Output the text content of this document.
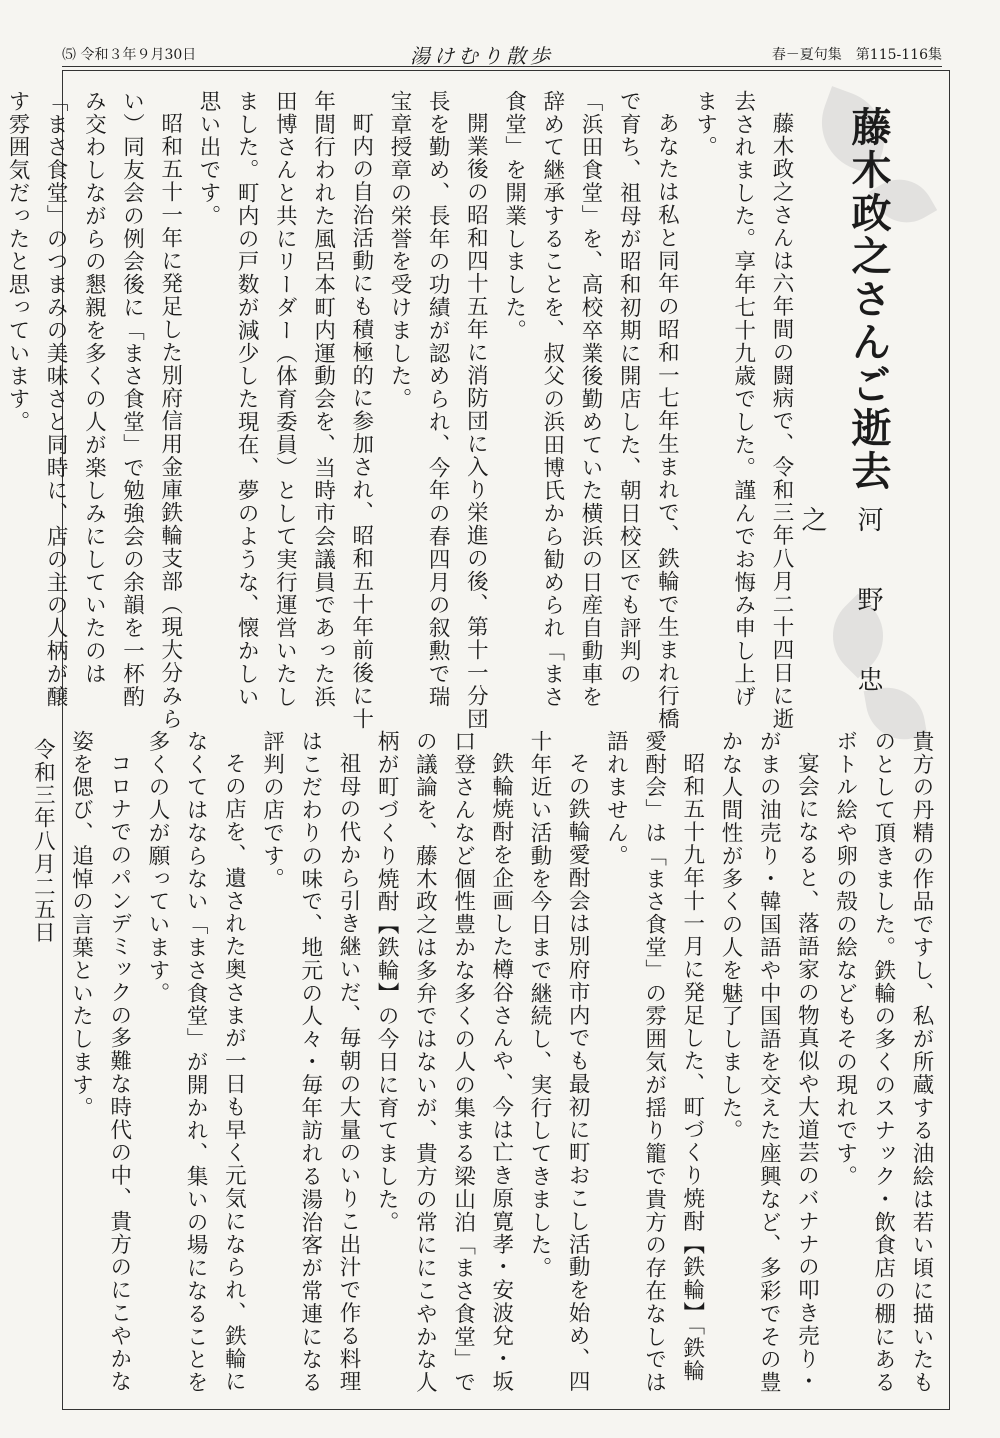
⑸ 令和３年９月30日	湯けむり散歩	春－夏句集　第115-116集
藤木政之さんご逝去
河　野　忠　之

藤木政之さんは六年間の闘病で、令和三年八月二十四日に逝去されました。享年七十九歳でした。謹んでお悔み申し上げます。

あなたは私と同年の昭和一七年生まれで、鉄輪で生まれ行橋で育ち、祖母が昭和初期に開店した、朝日校区でも評判の「浜田食堂」を、高校卒業後勤めていた横浜の日産自動車を辞めて継承することを、叔父の浜田博氏から勧められ「まさ食堂」を開業しました。

開業後の昭和四十五年に消防団に入り栄進の後、第十一分団長を勤め、長年の功績が認められ、今年の春四月の叙勲で瑞宝章授章の栄誉を受けました。

町内の自治活動にも積極的に参加され、昭和五十年前後に十年間行われた風呂本町内運動会を、当時市会議員であった浜田博さんと共にリーダー（体育委員）として実行運営いたしました。町内の戸数が減少した現在、夢のような、懐かしい思い出です。

昭和五十一年に発足した別府信用金庫鉄輪支部（現大分みらい）同友会の例会後に「まさ食堂」で勉強会の余韻を一杯酌み交わしながらの懇親を多くの人が楽しみにしていたのは「まさ食堂」のつまみの美味さと同時に、店の主の人柄が醸す雰囲気だったと思っています。

貴方の丹精の作品ですし、私が所蔵する油絵は若い頃に描いたものとして頂きました。鉄輪の多くのスナック・飲食店の棚にあるボトル絵や卵の殻の絵などもその現れです。

宴会になると、落語家の物真似や大道芸のバナナの叩き売り・がまの油売り・韓国語や中国語を交えた座興など、多彩でその豊かな人間性が多くの人を魅了しました。

昭和五十九年十一月に発足した、町づくり焼酎【鉄輪】「鉄輪愛酎会」は「まさ食堂」の雰囲気が揺り籠で貴方の存在なしでは語れません。

その鉄輪愛酎会は別府市内でも最初に町おこし活動を始め、四十年近い活動を今日まで継続し、実行してきました。

鉄輪焼酎を企画した樽谷さんや、今は亡き原寛孝・安波兌・坂口登さんなど個性豊かな多くの人の集まる梁山泊「まさ食堂」での議論を、藤木政之は多弁ではないが、貴方の常ににこやかな人柄が町づくり焼酎【鉄輪】の今日に育てました。

祖母の代から引き継いだ、毎朝の大量のいりこ出汁で作る料理はこだわりの味で、地元の人々・毎年訪れる湯治客が常連になる評判の店です。

その店を、遺された奥さまが一日も早く元気になられ、鉄輪になくてはならない「まさ食堂」が開かれ、集いの場になることを多くの人が願っています。

コロナでのパンデミックの多難な時代の中、貴方のにこやかな姿を偲び、追悼の言葉といたします。

令和三年八月二五日
